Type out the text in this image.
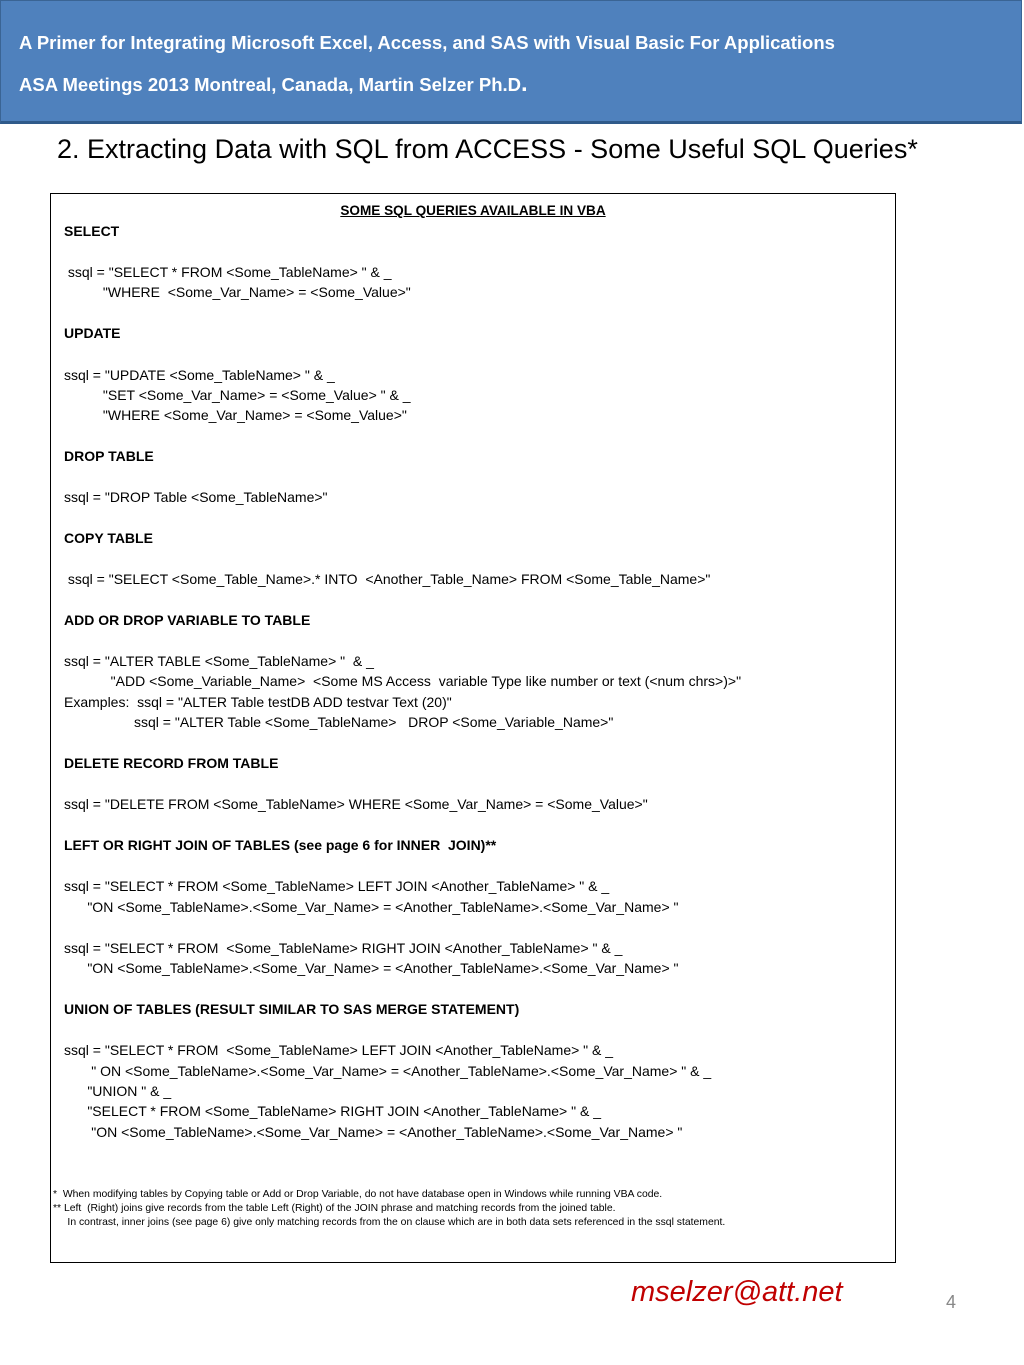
A Primer for Integrating Microsoft Excel, Access, and SAS with Visual Basic For Applications
ASA Meetings 2013 Montreal, Canada, Martin Selzer Ph.D.
2. Extracting Data with SQL from ACCESS - Some Useful SQL Queries*
SOME SQL QUERIES AVAILABLE IN VBA
SELECT
ssql = "SELECT * FROM <Some_TableName> " & _
"WHERE  <Some_Var_Name> = <Some_Value>"
UPDATE
ssql = "UPDATE <Some_TableName> " & _
"SET <Some_Var_Name> = <Some_Value> " & _
"WHERE <Some_Var_Name> = <Some_Value>"
DROP TABLE
ssql = "DROP Table <Some_TableName>"
COPY TABLE
ssql = "SELECT <Some_Table_Name>.* INTO  <Another_Table_Name> FROM <Some_Table_Name>"
ADD OR DROP VARIABLE TO TABLE
ssql = "ALTER TABLE <Some_TableName> "  & _
"ADD <Some_Variable_Name>  <Some MS Access  variable Type like number or text (<num chrs>)>"
Examples:  ssql = "ALTER Table testDB ADD testvar Text (20)"
ssql = "ALTER Table <Some_TableName>   DROP <Some_Variable_Name>"
DELETE RECORD FROM TABLE
ssql = "DELETE FROM <Some_TableName> WHERE <Some_Var_Name> = <Some_Value>"
LEFT OR RIGHT JOIN OF TABLES (see page 6 for INNER  JOIN)**
ssql = "SELECT * FROM <Some_TableName> LEFT JOIN <Another_TableName> " & _
"ON <Some_TableName>.<Some_Var_Name> = <Another_TableName>.<Some_Var_Name> "
ssql = "SELECT * FROM  <Some_TableName> RIGHT JOIN <Another_TableName> " & _
"ON <Some_TableName>.<Some_Var_Name> = <Another_TableName>.<Some_Var_Name> "
UNION OF TABLES (RESULT SIMILAR TO SAS MERGE STATEMENT)
ssql = "SELECT * FROM  <Some_TableName> LEFT JOIN <Another_TableName> " & _
" ON <Some_TableName>.<Some_Var_Name> = <Another_TableName>.<Some_Var_Name> " & _
"UNION " & _
"SELECT * FROM <Some_TableName> RIGHT JOIN <Another_TableName> " & _
"ON <Some_TableName>.<Some_Var_Name> = <Another_TableName>.<Some_Var_Name> "
*  When modifying tables by Copying table or Add or Drop Variable, do not have database open in Windows while running VBA code.
** Left  (Right) joins give records from the table Left (Right) of the JOIN phrase and matching records from the joined table.
In contrast, inner joins (see page 6) give only matching records from the on clause which are in both data sets referenced in the ssql statement.
mselzer@att.net	4
